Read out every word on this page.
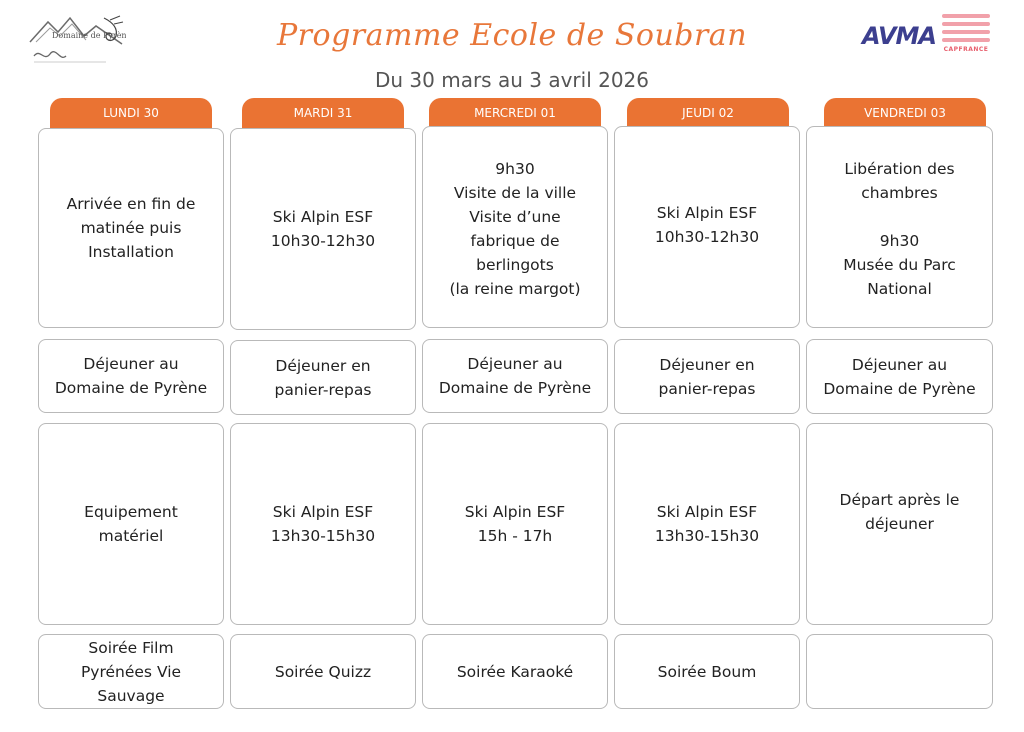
Domaine de Pyrène	Programme Ecole de Soubran
Du 30 mars au 3 avril 2026
AVMA CAPFRANCE
LUNDI 30
Arrivée en fin de
matinée puis
Installation
Déjeuner au
Domaine de Pyrène
Equipement
matériel
Soirée Film
Pyrénées Vie
Sauvage
MARDI 31
Ski Alpin ESF
10h30-12h30
Déjeuner en
panier-repas
Ski Alpin ESF
13h30-15h30
Soirée Quizz
MERCREDI 01
9h30
Visite de la ville
Visite d’une
fabrique de
berlingots
(la reine margot)
Déjeuner au
Domaine de Pyrène
Ski Alpin ESF
15h - 17h
Soirée Karaoké
JEUDI 02
Ski Alpin ESF
10h30-12h30
Déjeuner en
panier-repas
Ski Alpin ESF
13h30-15h30
Soirée Boum
VENDREDI 03
Libération des
chambres

9h30
Musée du Parc
National
Déjeuner au
Domaine de Pyrène
Départ après le
déjeuner
